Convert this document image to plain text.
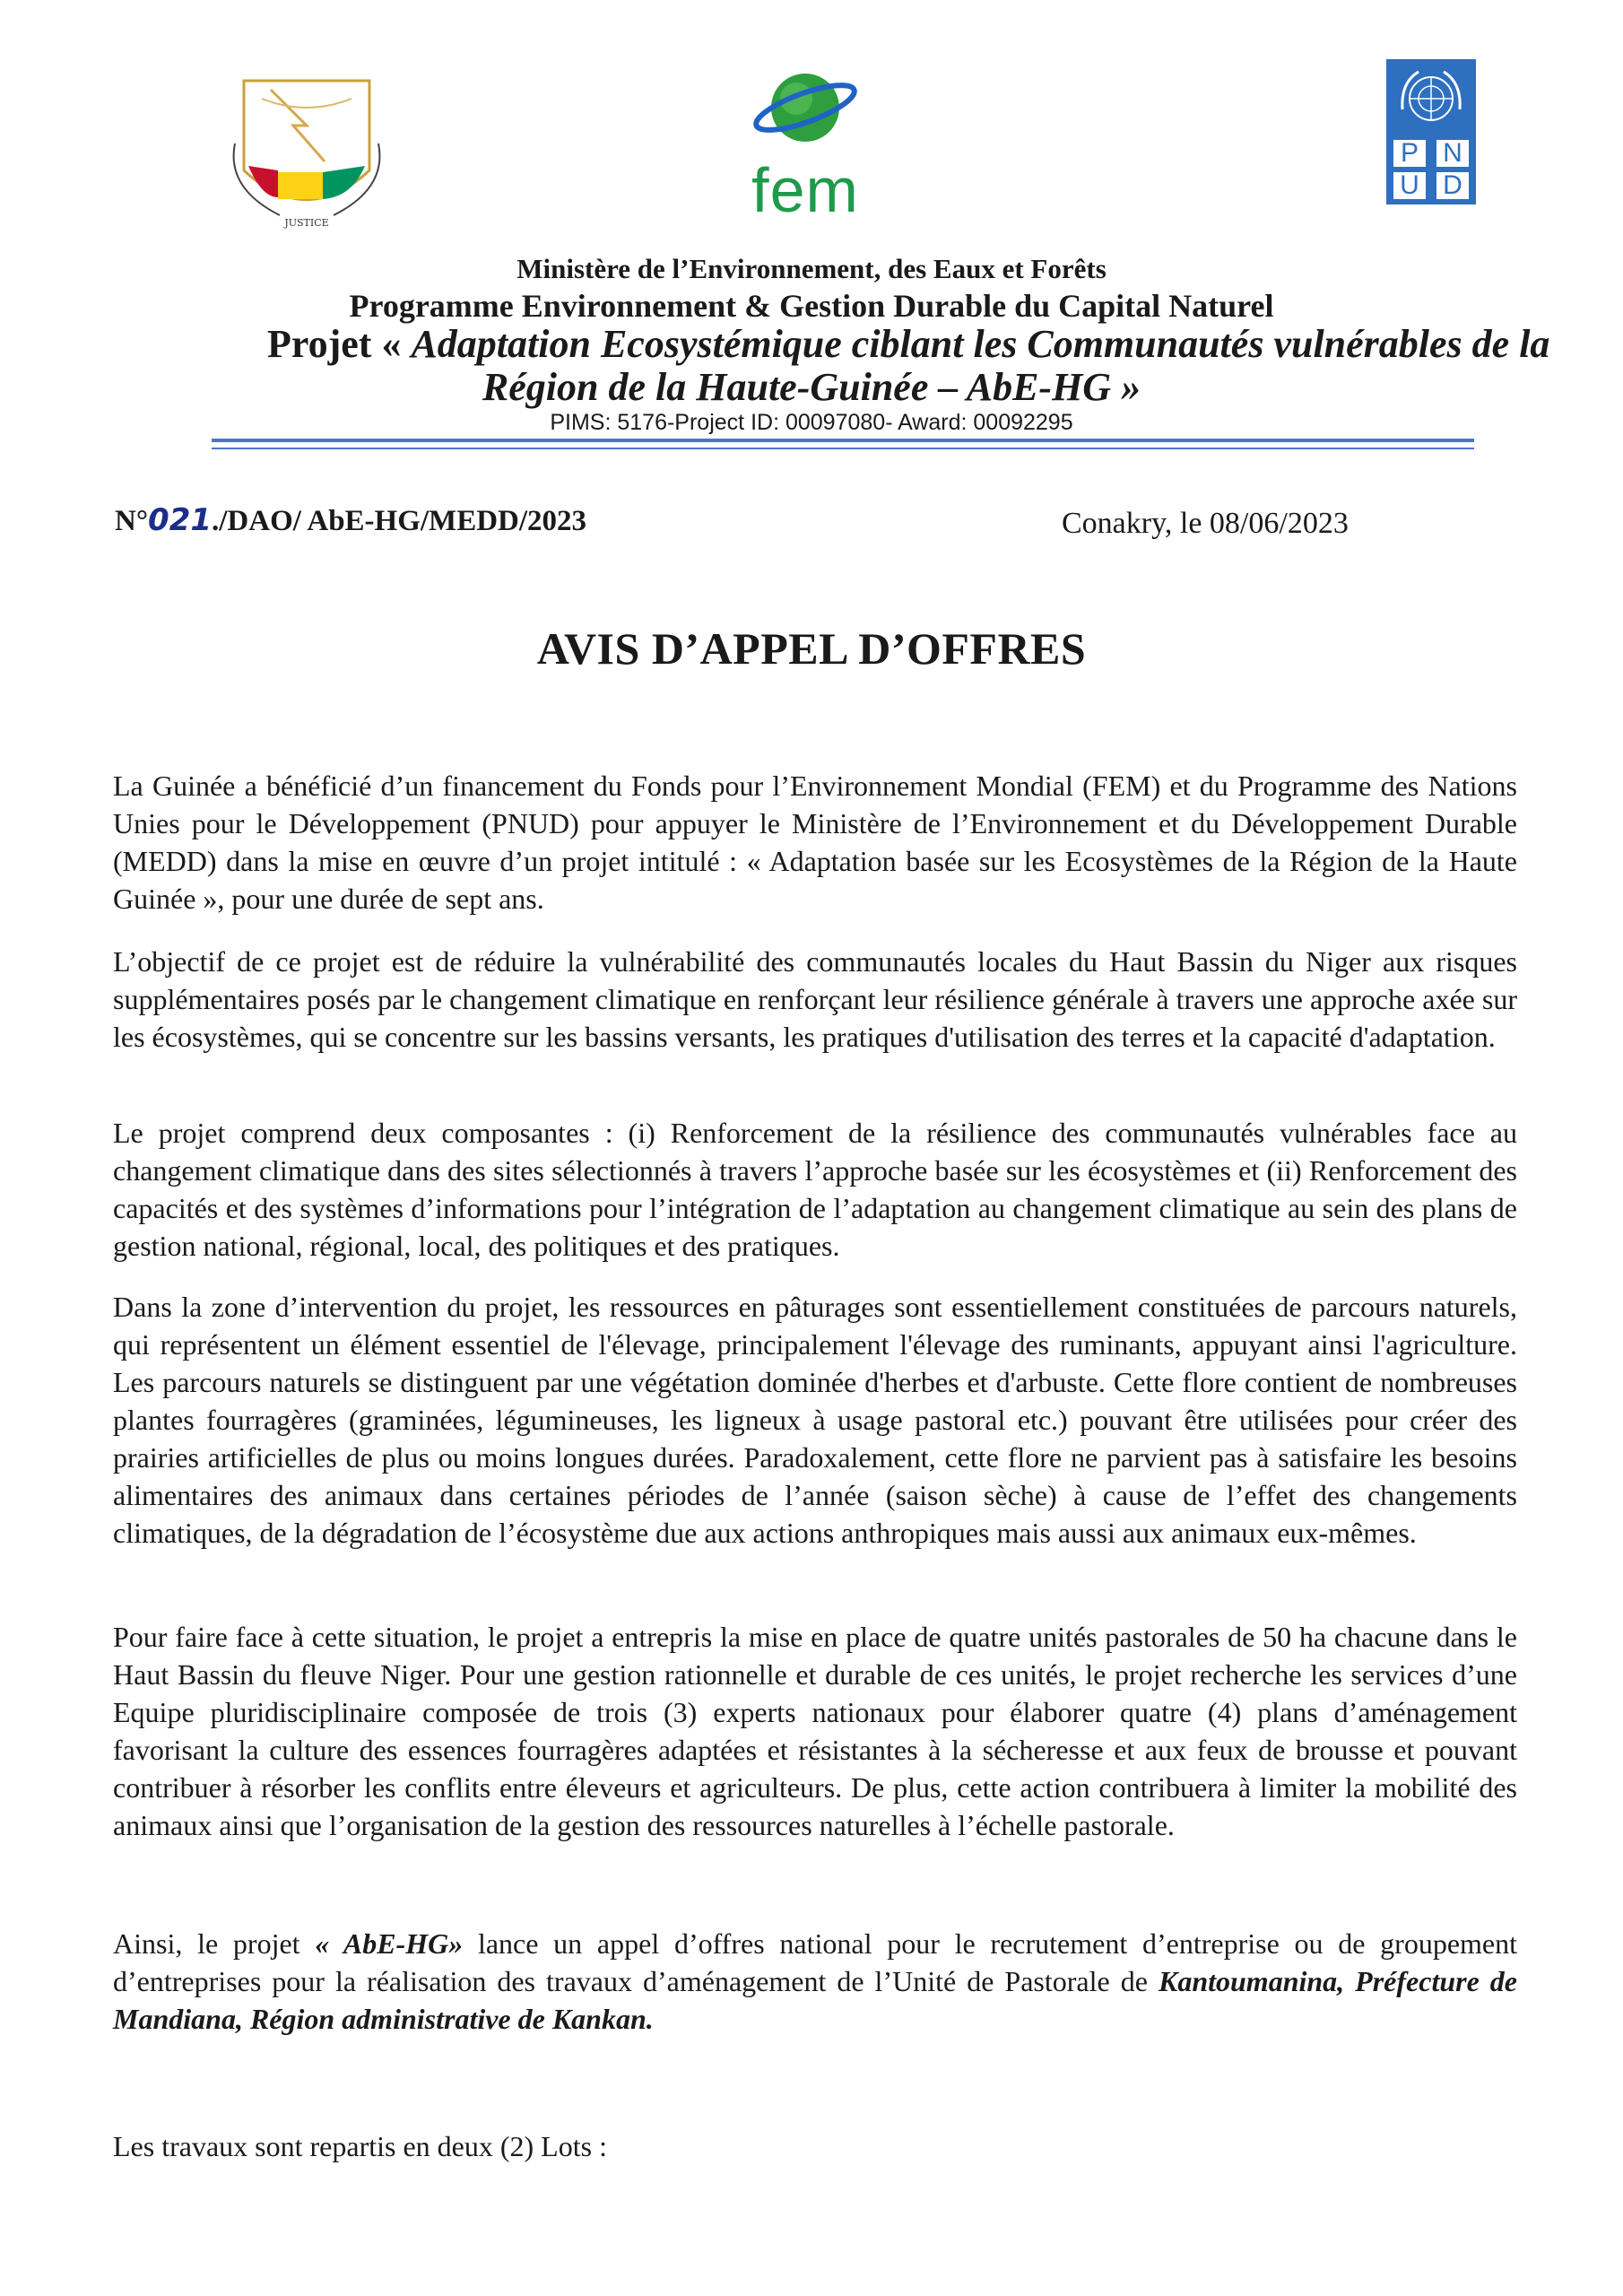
JUSTICE	fem
P N
U D
Ministère de l’Environnement, des Eaux et Forêts
Programme Environnement & Gestion Durable du Capital Naturel
Projet « Adaptation Ecosystémique ciblant les Communautés vulnérables de la
Région de la Haute-Guinée – AbE-HG »
PIMS: 5176-Project ID: 00097080- Award: 00092295
N°021./DAO/ AbE-HG/MEDD/2023	Conakry, le 08/06/2023
AVIS D’APPEL D’OFFRES
La Guinée a bénéficié d’un financement du Fonds pour l’Environnement Mondial (FEM) et du Programme des Nations Unies pour le Développement (PNUD) pour appuyer le Ministère de l’Environnement et du Développement Durable (MEDD) dans la mise en œuvre d’un projet intitulé : « Adaptation basée sur les Ecosystèmes de la Région de la Haute Guinée », pour une durée de sept ans.
L’objectif de ce projet est de réduire la vulnérabilité des communautés locales du Haut Bassin du Niger aux risques supplémentaires posés par le changement climatique en renforçant leur résilience générale à travers une approche axée sur les écosystèmes, qui se concentre sur les bassins versants, les pratiques d'utilisation des terres et la capacité d'adaptation.
Le projet comprend deux composantes : (i) Renforcement de la résilience des communautés vulnérables face au changement climatique dans des sites sélectionnés à travers l’approche basée sur les écosystèmes et (ii) Renforcement des capacités et des systèmes d’informations pour l’intégration de l’adaptation au changement climatique au sein des plans de gestion national, régional, local, des politiques et des pratiques.
Dans la zone d’intervention du projet, les ressources en pâturages sont essentiellement constituées de parcours naturels, qui représentent un élément essentiel de l'élevage, principalement l'élevage des ruminants, appuyant ainsi l'agriculture. Les parcours naturels se distinguent par une végétation dominée d'herbes et d'arbuste. Cette flore contient de nombreuses plantes fourragères (graminées, légumineuses, les ligneux à usage pastoral etc.) pouvant être utilisées pour créer des prairies artificielles de plus ou moins longues durées. Paradoxalement, cette flore ne parvient pas à satisfaire les besoins alimentaires des animaux dans certaines périodes de l’année (saison sèche) à cause de l’effet des changements climatiques, de la dégradation de l’écosystème due aux actions anthropiques mais aussi aux animaux eux-mêmes.
Pour faire face à cette situation, le projet a entrepris la mise en place de quatre unités pastorales de 50 ha chacune dans le Haut Bassin du fleuve Niger. Pour une gestion rationnelle et durable de ces unités, le projet recherche les services d’une Equipe pluridisciplinaire composée de trois (3) experts nationaux pour élaborer quatre (4) plans d’aménagement favorisant la culture des essences fourragères adaptées et résistantes à la sécheresse et aux feux de brousse et pouvant contribuer à résorber les conflits entre éleveurs et agriculteurs. De plus, cette action contribuera à limiter la mobilité des animaux ainsi que l’organisation de la gestion des ressources naturelles à l’échelle pastorale.
Ainsi, le projet « AbE-HG» lance un appel d’offres national pour le recrutement d’entreprise ou de groupement d’entreprises pour la réalisation des travaux d’aménagement de l’Unité de Pastorale de Kantoumanina, Préfecture de Mandiana, Région administrative de Kankan.
Les travaux sont repartis en deux (2) Lots :
